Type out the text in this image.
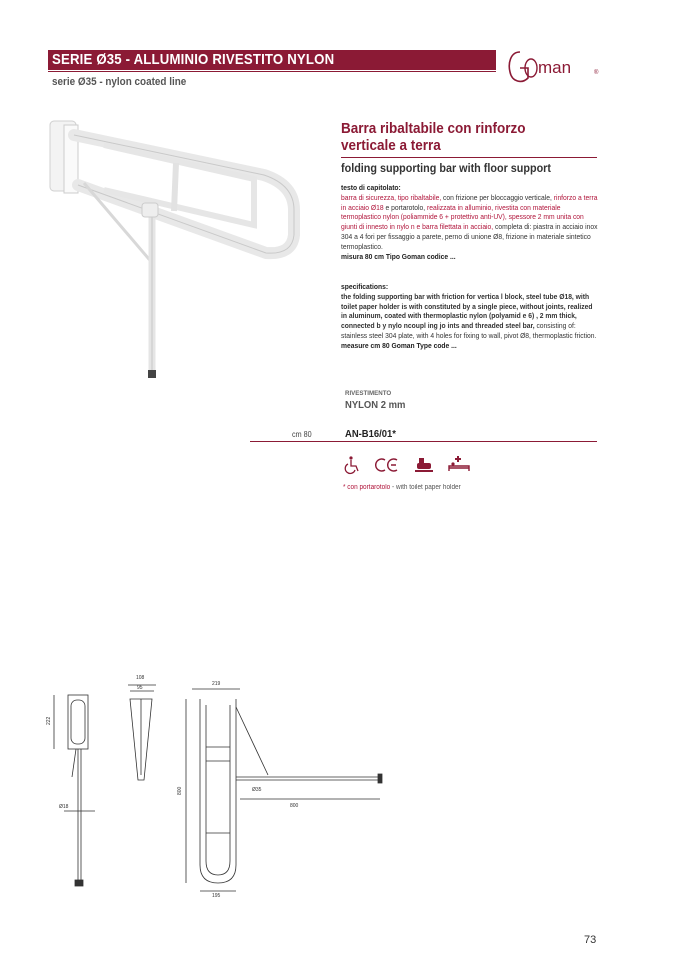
SERIE Ø35 - ALLUMINIO RIVESTITO NYLON
serie Ø35 - nylon coated line
man	®
Barra ribaltabile con rinforzo verticale a terra
folding supporting bar with floor support
testo di capitolato:
barra di sicurezza, tipo ribaltabile, con frizione per bloccaggio verticale, rinforzo a terra in acciaio Ø18 e portarotolo, realizzata in alluminio, rivestita con materiale termoplastico nylon (poliammide 6 + protettivo anti-UV), spessore 2 mm unita con giunti di innesto in nylo n e barra filettata in acciaio, completa di: piastra in acciaio inox 304 a 4 fori per fissaggio a parete, perno di unione Ø8, frizione in materiale sintetico termoplastico.
misura 80 cm Tipo Goman codice ...
specifications:
the folding supporting bar with friction for vertica l block, steel tube Ø18, with toilet paper holder is with constituted by a single piece, without joints, realized in aluminum, coated with thermoplastic nylon (polyamid e 6) , 2 mm thick, connected b y nylo ncoupl ing jo ints and threaded steel bar, consisting of: stainless steel 304 plate, with 4 holes for fixing to wall, pivot Ø8, thermoplastic friction.
measure cm 80 Goman Type code ...
RIVESTIMENTO
NYLON 2 mm
cm 80	AN-B16/01*
* con portarotolo - with toilet paper holder
222
Ø18
108
95
219
800	Ø35
800
195
73
